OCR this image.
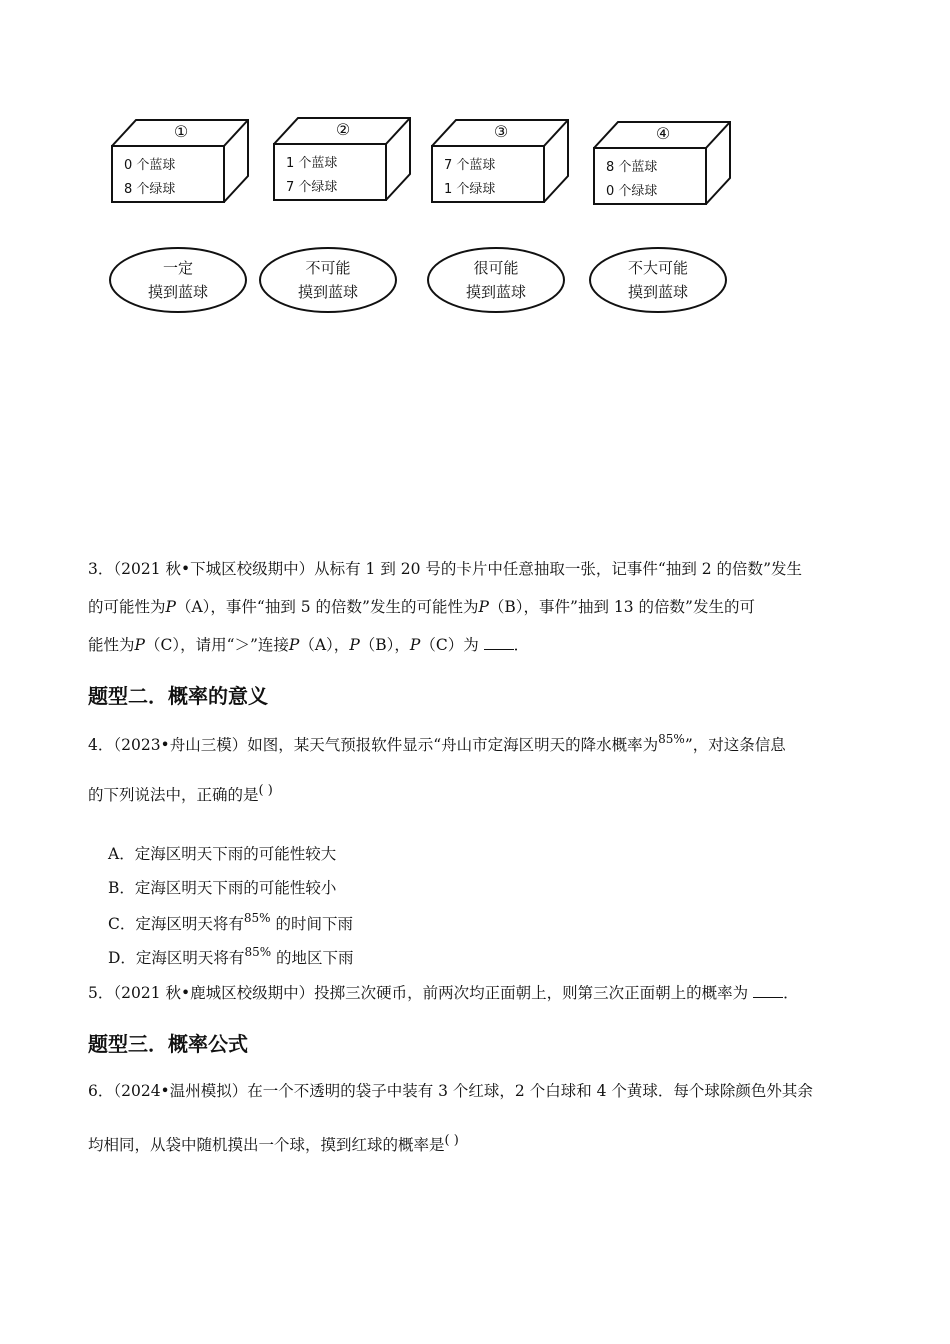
①
0 个蓝球
8 个绿球
②
1 个蓝球
7 个绿球
③
7 个蓝球
1 个绿球
④
8 个蓝球
0 个绿球
一定
摸到蓝球
不可能
摸到蓝球
很可能
摸到蓝球
不大可能
摸到蓝球
3．（2021 秋•下城区校级期中）从标有 1 到 20 号的卡片中任意抽取一张，记事件“抽到 2 的倍数”发生
的可能性为P（A），事件“抽到 5 的倍数”发生的可能性为P（B），事件”抽到 13 的倍数”发生的可
能性为P（C），请用“＞”连接P（A），P（B），P（C）为 ．
题型二．概率的意义
4．（2023•舟山三模）如图，某天气预报软件显示“舟山市定海区明天的降水概率为$^{85\%}$”，对这条信息
的下列说法中，正确的是( )
A．定海区明天下雨的可能性较大
B．定海区明天下雨的可能性较小
C．定海区明天将有$^{85\%}$ 的时间下雨
D．定海区明天将有$^{85\%}$ 的地区下雨
5．（2021 秋•鹿城区校级期中）投掷三次硬币，前两次均正面朝上，则第三次正面朝上的概率为 ．
题型三．概率公式
6．（2024•温州模拟）在一个不透明的袋子中装有 3 个红球，2 个白球和 4 个黄球．每个球除颜色外其余
均相同，从袋中随机摸出一个球，摸到红球的概率是( )
